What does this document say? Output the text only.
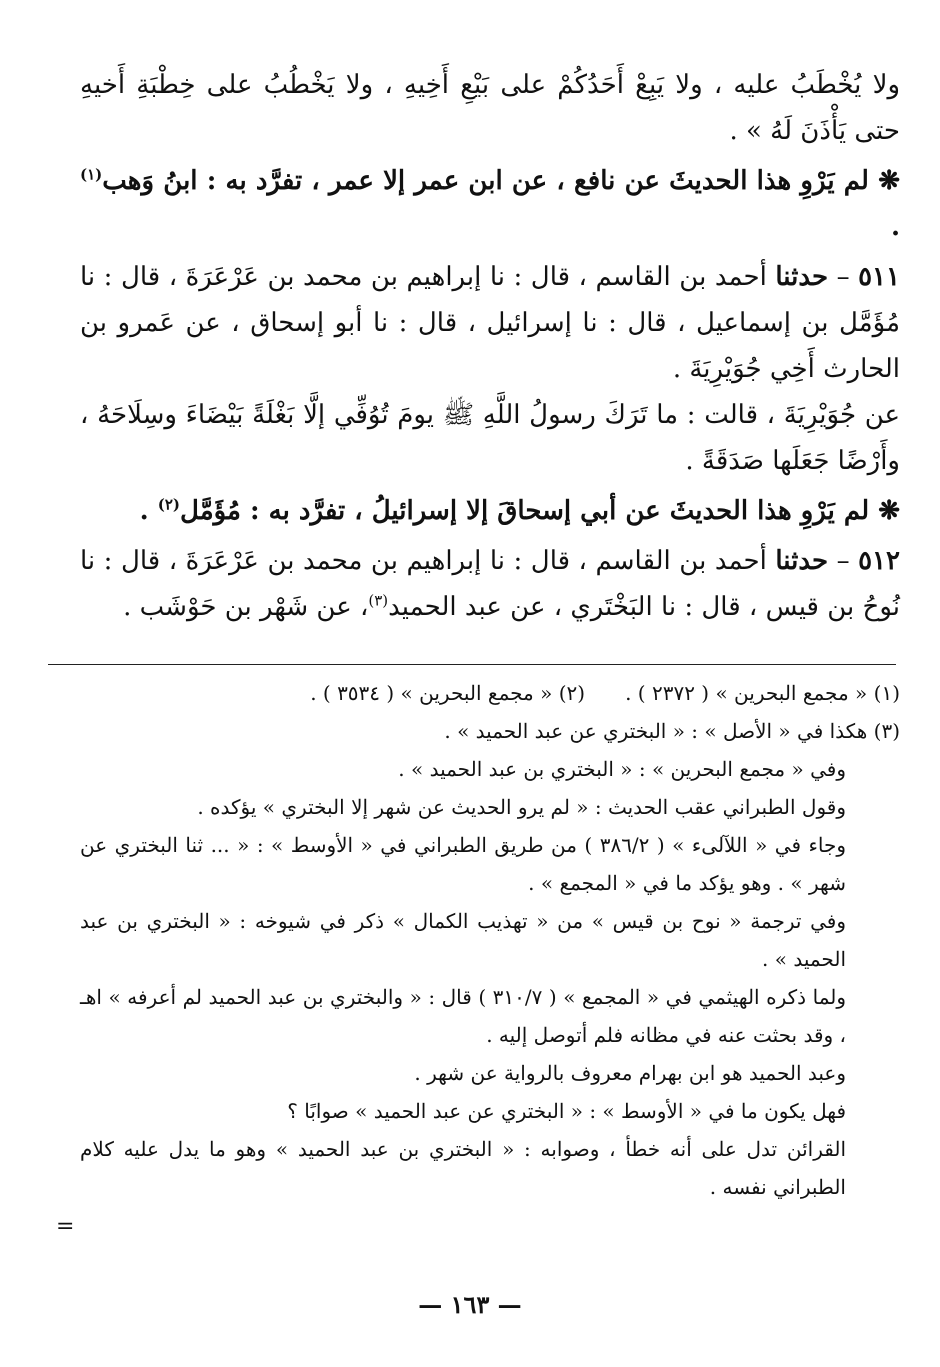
ولا يُخْطَبُ عليه ، ولا يَبِعْ أَحَدُكُمْ على بَيْعِ أَخِيهِ ، ولا يَخْطُبُ على خِطْبَةِ أَخيهِ حتى يَأْذَنَ لَهُ » .

❋ لم يَرْوِ هذا الحديثَ عن نافع ، عن ابن عمر إلا عمر ، تفرَّد به : ابنُ وَهب$^{(١)}$ .

٥١١ – حدثنا أحمد بن القاسم ، قال : نا إبراهيم بن محمد بن عَرْعَرَةَ ، قال : نا مُؤَمَّل بن إسماعيل ، قال : نا إسرائيل ، قال : نا أبو إسحاق ، عن عَمرو بن الحارث أَخِي جُوَيْرِيَةَ .

عن جُوَيْرِيَةَ ، قالت : ما تَرَكَ رسولُ اللَّهِ ﷺ يومَ تُوُفِّي إلَّا بَغْلَةً بَيْضَاءَ وسِلَاحَهُ ، وأَرْضًا جَعَلَها صَدَقَةً .

❋ لم يَرْوِ هذا الحديثَ عن أبي إسحاقَ إلا إسرائيلُ ، تفرَّد به : مُؤَمَّل$^{(٢)}$ .

٥١٢ – حدثنا أحمد بن القاسم ، قال : نا إبراهيم بن محمد بن عَرْعَرَةَ ، قال : نا نُوحُ بن قيس ، قال : نا البَخْتَري ، عن عبد الحميد$^{(٣)}$، عن شَهْر بن حَوْشَب .

(١) « مجمع البحرين » ( ٢٣٧٢ ) .
(٢) « مجمع البحرين » ( ٣٥٣٤ ) .

(٣) هكذا في « الأصل » : « البختري عن عبد الحميد » .

وفي « مجمع البحرين » : « البختري بن عبد الحميد » .

وقول الطبراني عقب الحديث : « لم يرو الحديث عن شهر إلا البختري » يؤكده .

وجاء في « اللآلىء » ( ٣٨٦/٢ ) من طريق الطبراني في « الأوسط » : « ... ثنا البختري عن شهر » . وهو يؤكد ما في « المجمع » .

وفي ترجمة « نوح بن قيس » من « تهذيب الكمال » ذكر في شيوخه : « البختري بن عبد الحميد » .

ولما ذكره الهيثمي في « المجمع » ( ٣١٠/٧ ) قال : « والبختري بن عبد الحميد لم أعرفه » اهـ ، وقد بحثت عنه في مظانه فلم أتوصل إليه .

وعبد الحميد هو ابن بهرام معروف بالرواية عن شهر .

فهل يكون ما في « الأوسط » : « البختري عن عبد الحميد » صوابًا ؟

القرائن تدل على أنه خطأ ، وصوابه : « البختري بن عبد الحميد » وهو ما يدل عليه كلام الطبراني نفسه .

=
— ١٦٣ —
